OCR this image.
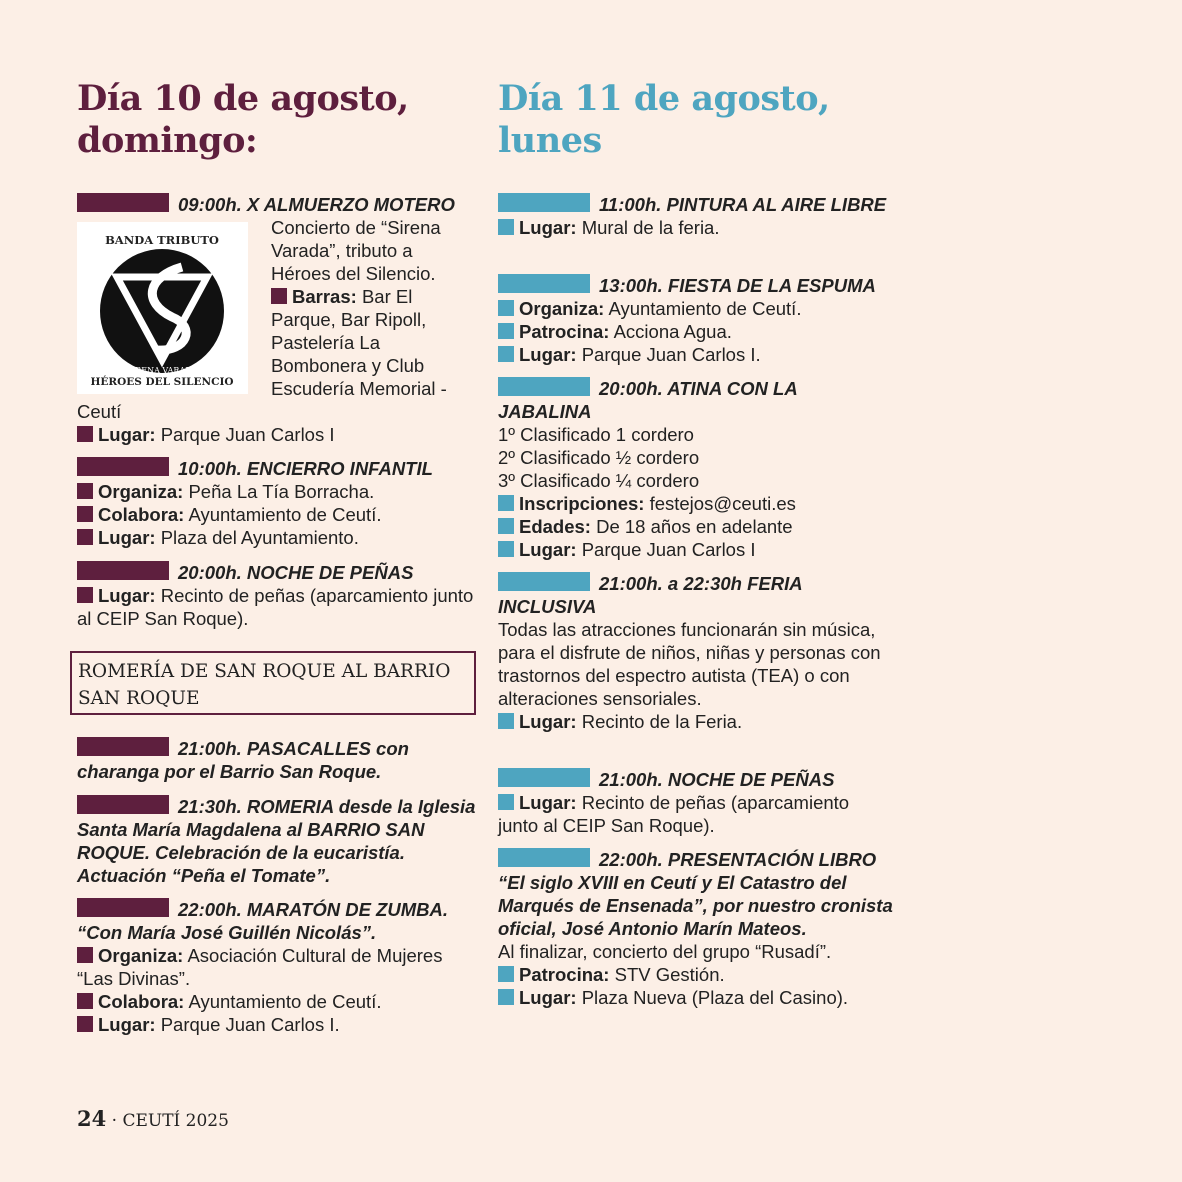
Día 10 de agosto,
domingo:
Día 11 de agosto,
lunes
ROMERÍA DE SAN ROQUE AL BARRIO SAN ROQUE
24 · CEUTÍ 2025
09:00h. X ALMUERZO MOTERO
BANDA TRIBUTO
SIRENA VARADA
HÉROES DEL SILENCIO
Concierto de “Sirena Varada”, tributo a Héroes del Silencio.
Barras: Bar El Parque, Bar Ripoll, Pastelería La Bombonera y Club Escudería Memorial - Ceutí
Lugar: Parque Juan Carlos I
10:00h. ENCIERRO INFANTIL
Organiza: Peña La Tía Borracha.
Colabora: Ayuntamiento de Ceutí.
Lugar: Plaza del Ayuntamiento.
20:00h. NOCHE DE PEÑAS
Lugar: Recinto de peñas (aparcamiento junto al CEIP San Roque).
21:00h. PASACALLES con charanga por el Barrio San Roque.
21:30h. ROMERIA desde la Iglesia Santa María Magdalena al BARRIO SAN ROQUE. Celebración de la eucaristía. Actuación “Peña el Tomate”.
22:00h. MARATÓN DE ZUMBA. “Con María José Guillén Nicolás”.
Organiza: Asociación Cultural de Mujeres “Las Divinas”.
Colabora: Ayuntamiento de Ceutí.
Lugar: Parque Juan Carlos I.
11:00h. PINTURA AL AIRE LIBRE
Lugar: Mural de la feria.
13:00h. FIESTA DE LA ESPUMA
Organiza: Ayuntamiento de Ceutí.
Patrocina: Acciona Agua.
Lugar: Parque Juan Carlos I.
20:00h. ATINA CON LA JABALINA
1º Clasificado 1 cordero
2º Clasificado ½ cordero
3º Clasificado ¼ cordero
Inscripciones: festejos@ceuti.es
Edades: De 18 años en adelante
Lugar: Parque Juan Carlos I
21:00h. a 22:30h FERIA INCLUSIVA
Todas las atracciones funcionarán sin música, para el disfrute de niños, niñas y personas con trastornos del espectro autista (TEA) o con alteraciones sensoriales.
Lugar: Recinto de la Feria.
21:00h. NOCHE DE PEÑAS
Lugar: Recinto de peñas (aparcamiento junto al CEIP San Roque).
22:00h. PRESENTACIÓN LIBRO “El siglo XVIII en Ceutí y El Catastro del Marqués de Ensenada”, por nuestro cronista oficial, José Antonio Marín Mateos.
Al finalizar, concierto del grupo “Rusadí”.
Patrocina: STV Gestión.
Lugar: Plaza Nueva (Plaza del Casino).
